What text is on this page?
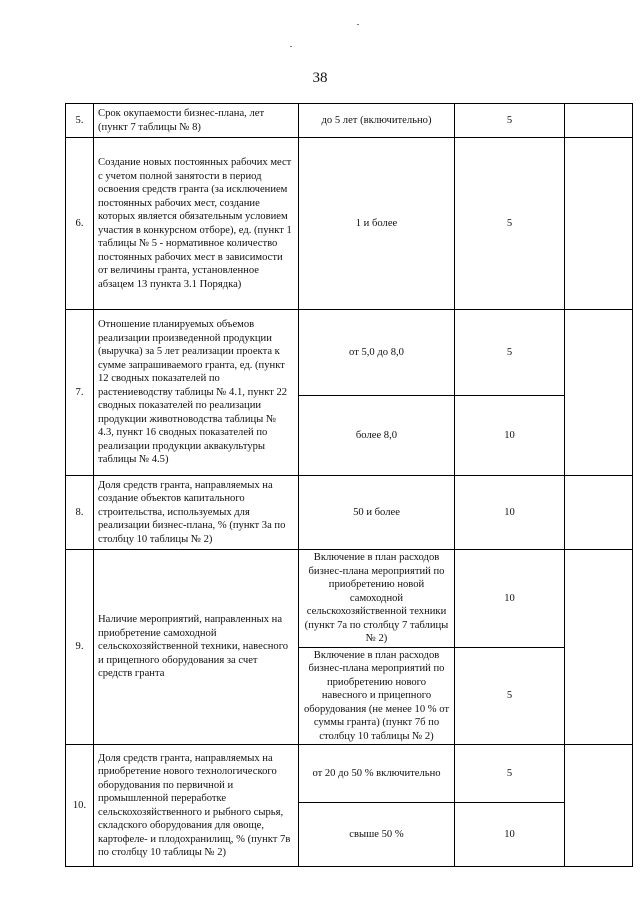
38
5.	Срок окупаемости бизнес-плана, лет (пункт 7 таблицы № 8)	до 5 лет (включительно)	5	
6.	Создание новых постоянных рабочих мест с учетом полной занятости в период освоения средств гранта (за исключением постоянных рабочих мест, создание которых является обязательным условием участия в конкурсном отборе), ед. (пункт 1 таблицы № 5 - нормативное количество постоянных рабочих мест в зависимости от величины гранта, установленное абзацем 13 пункта 3.1 Порядка)	1 и более	5	
7.	Отношение планируемых объемов реализации произведенной продукции (выручка) за 5 лет реализации проекта к сумме запрашиваемого гранта, ед. (пункт 12 сводных показателей по растениеводству таблицы № 4.1, пункт 22 сводных показателей по реализации продукции животноводства таблицы № 4.3, пункт 16 сводных показателей по реализации продукции аквакультуры таблицы № 4.5)	от 5,0 до 8,0	5	
		более 8,0	10	
8.	Доля средств гранта, направляемых на создание объектов капитального строительства, используемых для реализации бизнес-плана, % (пункт 3а по столбцу 10 таблицы № 2)	50 и более	10	
9.	Наличие мероприятий, направленных на приобретение самоходной сельскохозяйственной техники, навесного и прицепного оборудования за счет средств гранта	Включение в план расходов бизнес-плана мероприятий по приобретению новой самоходной сельскохозяйственной техники (пункт 7а по столбцу 7 таблицы № 2)	10	
		Включение в план расходов бизнес-плана мероприятий по приобретению нового навесного и прицепного оборудования (не менее 10 % от суммы гранта) (пункт 7б по столбцу 10 таблицы № 2)	5	
10.	Доля средств гранта, направляемых на приобретение нового технологического оборудования по первичной и промышленной переработке сельскохозяйственного и рыбного сырья, складского оборудования для овоще, картофеле- и плодохранилищ, % (пункт 7в по столбцу 10 таблицы № 2)	от 20 до 50 % включительно	5	
		свыше 50 %	10	
